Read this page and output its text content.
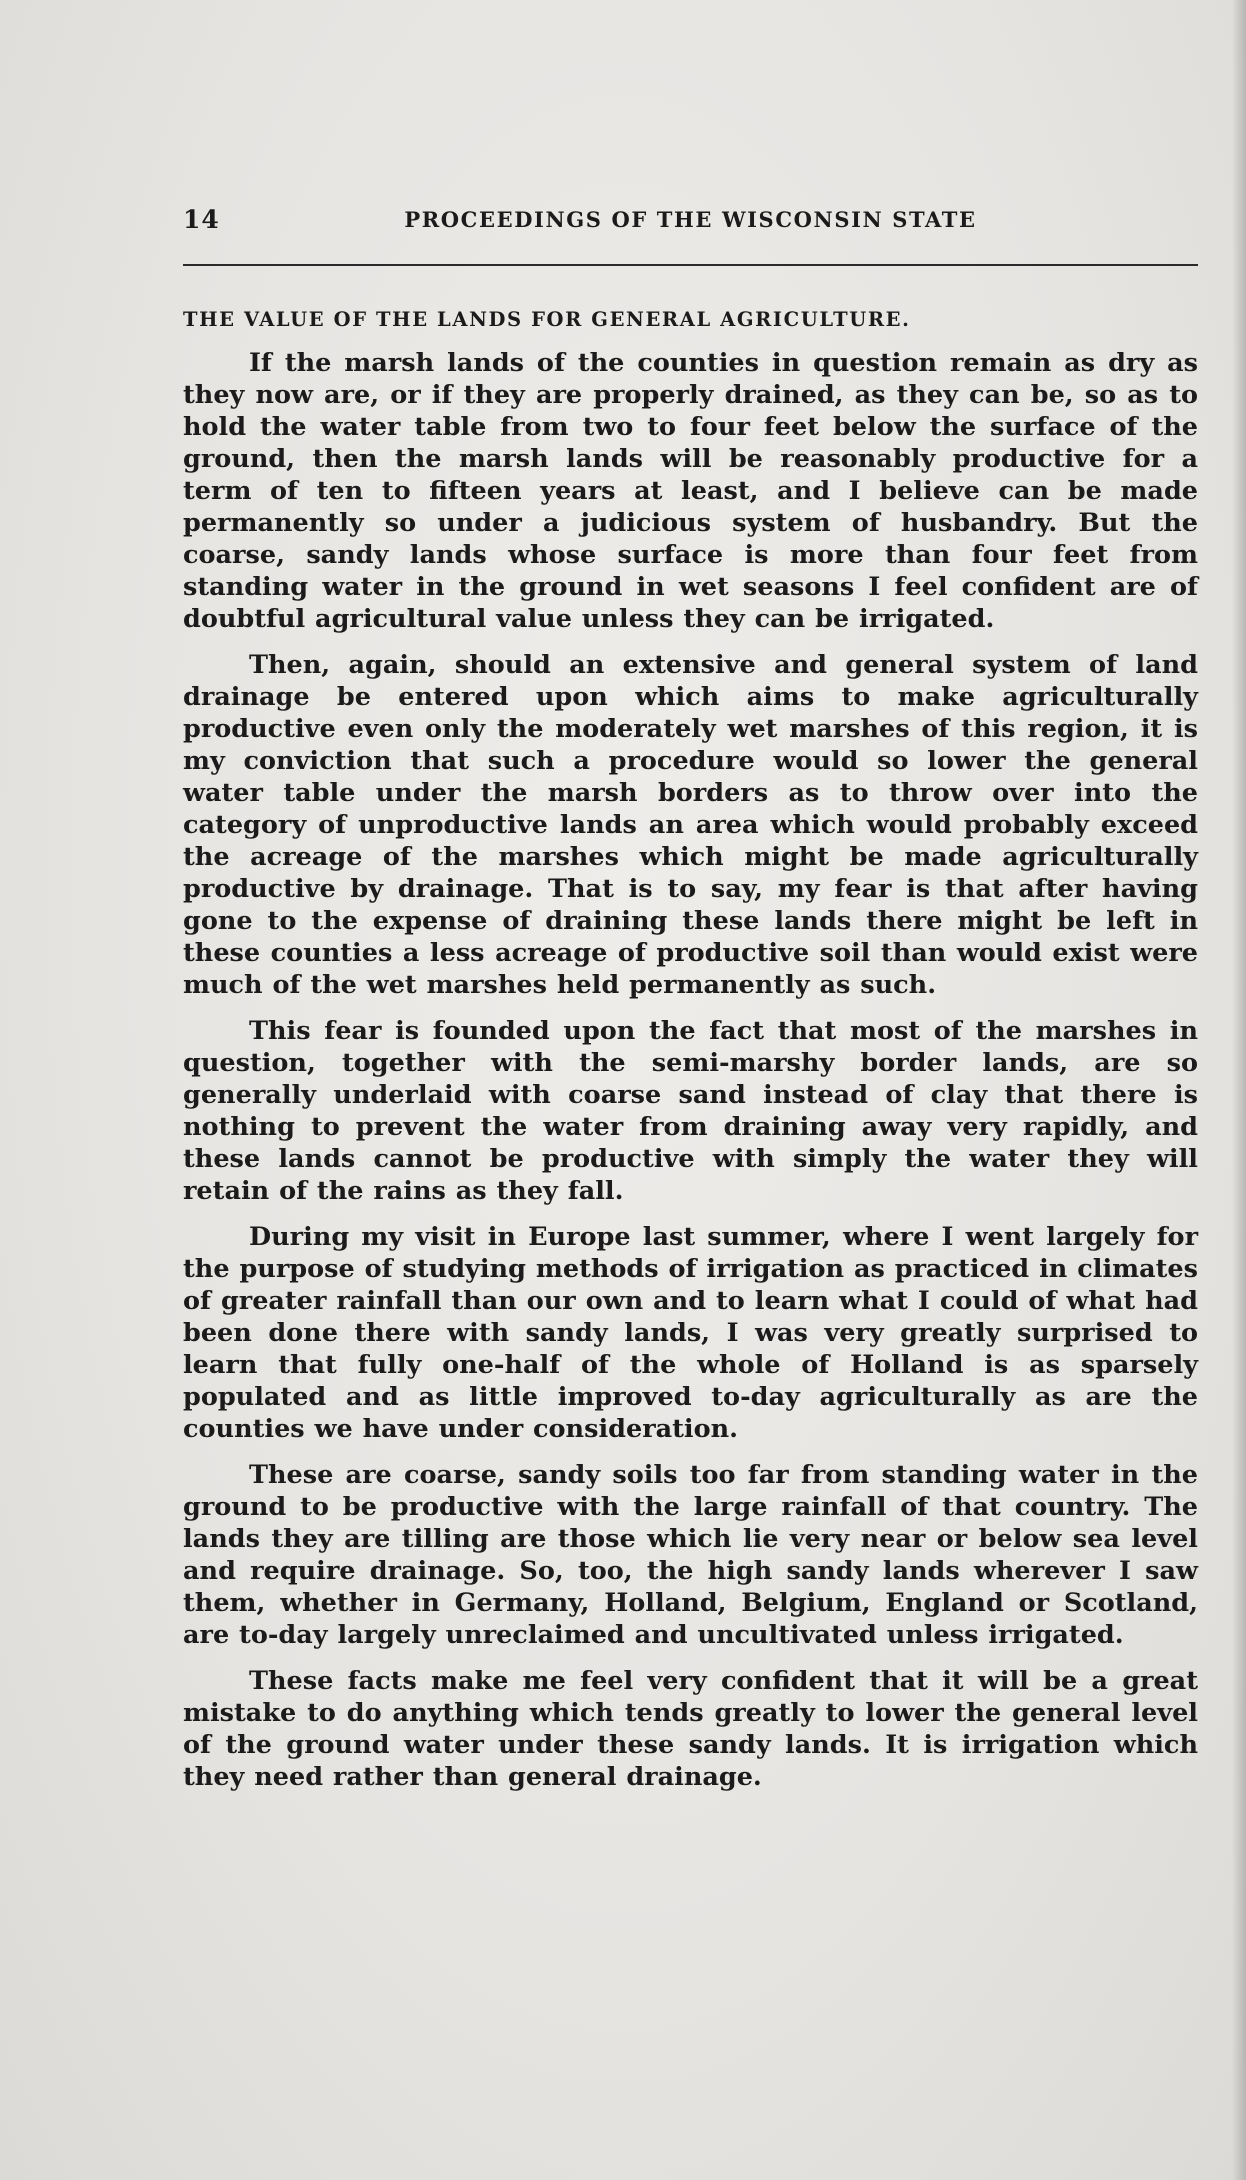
14	PROCEEDINGS OF THE WISCONSIN STATE
THE VALUE OF THE LANDS FOR GENERAL AGRICULTURE.

If the marsh lands of the counties in question remain as dry as they now are, or if they are properly drained, as they can be, so as to hold the water table from two to four feet below the surface of the ground, then the marsh lands will be reasonably productive for a term of ten to fifteen years at least, and I believe can be made permanently so under a judicious system of husbandry. But the coarse, sandy lands whose surface is more than four feet from standing water in the ground in wet seasons I feel confident are of doubtful agricultural value unless they can be irrigated.

Then, again, should an extensive and general system of land drainage be entered upon which aims to make agriculturally productive even only the moderately wet marshes of this region, it is my conviction that such a procedure would so lower the general water table under the marsh borders as to throw over into the category of unproductive lands an area which would probably exceed the acreage of the marshes which might be made agriculturally productive by drainage. That is to say, my fear is that after having gone to the expense of draining these lands there might be left in these counties a less acreage of productive soil than would exist were much of the wet marshes held permanently as such.

This fear is founded upon the fact that most of the marshes in question, together with the semi-marshy border lands, are so generally underlaid with coarse sand instead of clay that there is nothing to prevent the water from draining away very rapidly, and these lands cannot be productive with simply the water they will retain of the rains as they fall.

During my visit in Europe last summer, where I went largely for the purpose of studying methods of irrigation as practiced in climates of greater rainfall than our own and to learn what I could of what had been done there with sandy lands, I was very greatly surprised to learn that fully one-half of the whole of Holland is as sparsely populated and as little improved to-day agriculturally as are the counties we have under consideration.

These are coarse, sandy soils too far from standing water in the ground to be productive with the large rainfall of that country. The lands they are tilling are those which lie very near or below sea level and require drainage. So, too, the high sandy lands wherever I saw them, whether in Germany, Holland, Belgium, England or Scotland, are to-day largely unreclaimed and uncultivated unless irrigated.

These facts make me feel very confident that it will be a great mistake to do anything which tends greatly to lower the general level of the ground water under these sandy lands. It is irrigation which they need rather than general drainage.
